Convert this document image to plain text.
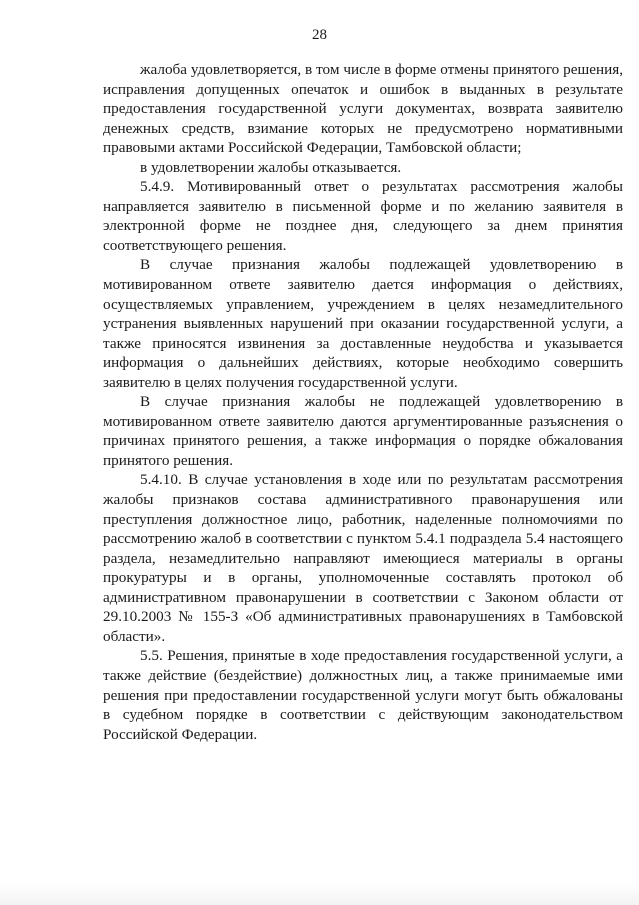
28

жалоба удовлетворяется, в том числе в форме отмены принятого решения, исправления допущенных опечаток и ошибок в выданных в результате предоставления государственной услуги документах, возврата заявителю денежных средств, взимание которых не предусмотрено нормативными правовыми актами Российской Федерации, Тамбовской области;

в удовлетворении жалобы отказывается.

5.4.9. Мотивированный ответ о результатах рассмотрения жалобы направляется заявителю в письменной форме и по желанию заявителя в электронной форме не позднее дня, следующего за днем принятия соответствующего решения.

В случае признания жалобы подлежащей удовлетворению в мотивированном ответе заявителю дается информация о действиях, осуществляемых управлением, учреждением в целях незамедлительного устранения выявленных нарушений при оказании государственной услуги, а также приносятся извинения за доставленные неудобства и указывается информация о дальнейших действиях, которые необходимо совершить заявителю в целях получения государственной услуги.

В случае признания жалобы не подлежащей удовлетворению в мотивированном ответе заявителю даются аргументированные разъяснения о причинах принятого решения, а также информация о порядке обжалования принятого решения.

5.4.10. В случае установления в ходе или по результатам рассмотрения жалобы признаков состава административного правонарушения или преступления должностное лицо, работник, наделенные полномочиями по рассмотрению жалоб в соответствии с пунктом 5.4.1 подраздела 5.4 настоящего раздела, незамедлительно направляют имеющиеся материалы в органы прокуратуры и в органы, уполномоченные составлять протокол об административном правонарушении в соответствии с Законом области от 29.10.2003 № 155-З «Об административных правонарушениях в Тамбовской области».

5.5. Решения, принятые в ходе предоставления государственной услуги, а также действие (бездействие) должностных лиц, а также принимаемые ими решения при предоставлении государственной услуги могут быть обжалованы в судебном порядке в соответствии с действующим законодательством Российской Федерации.
